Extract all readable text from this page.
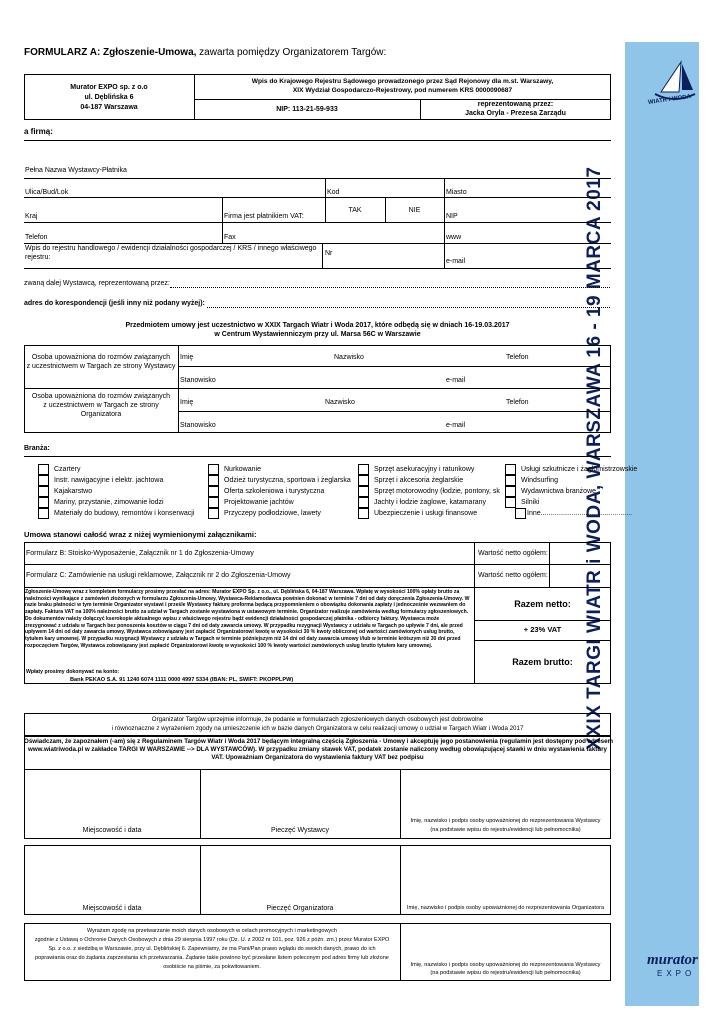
WIATR i WODA
XXIX TARGI WIATR i WODA, WARSZAWA 16 - 19 MARCA 2017
murator
EXPO
FORMULARZ A: Zgłoszenie-Umowa, zawarta pomiędzy Organizatorem Targów:
Murator EXPO sp. z o.o
ul. Dęblińska 6
04-187 Warszawa
Wpis do Krajowego Rejestru Sądowego prowadzonego przez Sąd Rejonowy dla m.st. Warszawy,
XIX Wydział Gospodarczo-Rejestrowy, pod numerem KRS 0000090687
NIP: 113-21-59-933
reprezentowaną przez:
Jacka Oryla - Prezesa Zarządu
a firmą:
Pełna Nazwa Wystawcy-Płatnika
Ulica/Bud/Lok	Kod	Miasto
Kraj	Firma jest płatnikiem VAT:
TAK	NIE
NIP
Telefon	Fax	www
Wpis do rejestru handlowego / ewidencji działalności gospodarczej / KRS / innego właściwego
rejestru:
Nr
e-mail
zwaną dalej Wystawcą, reprezentowaną przez:
adres do korespondencji (jeśli inny niż podany wyżej):
Przedmiotem umowy jest uczestnictwo w XXIX Targach Wiatr i Woda 2017, które odbędą się w dniach 16-19.03.2017
w Centrum Wystawienniczym przy ul. Marsa 56C w Warszawie
Osoba upoważniona do rozmów związanych
z uczestnictwem w Targach ze strony Wystawcy
Imię	Nazwisko	Telefon
Stanowisko	e-mail
Osoba upoważniona do rozmów związanych
z uczestnictwem w Targach ze strony
Organizatora
Imię	Nazwisko	Telefon
Stanowisko	e-mail
Branża:
Czartery
Instr. nawigacyjne i elektr. jachtowa
Kajakarstwo
Mariny, przystanie, zimowanie łodzi
Materiały do budowy, remontów i konserwacji
Nurkowanie
Odzież turystyczna, sportowa i żeglarska
Oferta szkoleniowa i turystyczna
Projektowanie jachtów
Przyczepy podłodziowe, lawety
Sprzęt asekuracyjny i ratunkowy
Sprzęt i akcesoria żeglarskie
Sprzęt motorowodny (łodzie, pontony, sk
Jachty i łodzie żaglowe, katamarany
Ubezpieczenie i usługi finansowe
Usługi szkutnicze i żaglomistrzowskie
Windsurfing
Wydawnictwa branżowe
Silniki
Inne...............................................
Umowa stanowi całość wraz z niżej wymienionymi załącznikami:
Formularz B: Stoisko-Wyposażenie, Załącznik nr 1 do Zgłoszenia-Umowy
Formularz C: Zamówienie na usługi reklamowe, Załącznik nr 2 do Zgłoszenia-Umowy
Wartość netto ogółem:
Wartość netto ogółem:
Razem netto:
+ 23% VAT
Razem brutto:
Zgłoszenie-Umowę wraz z kompletem formularzy prosimy przesłać na adres: Murator EXPO Sp. z o.o., ul. Dęblińska 6, 04-187 Warszawa. Wpłatę w wysokości 100% opłaty brutto za należności wynikające z zamówień złożonych w formularzu Zgłoszenia-Umowy, Wystawca-Reklamodawca powinien dokonać w terminie 7 dni od daty doręczenia Zgłoszenia-Umowy. W razie braku płatności w tym terminie Organizator wystawi i prześle Wystawcy fakturę proforma będącą przypomnieniem o obowiązku dokonania zapłaty i jednocześnie wezwaniem do zapłaty. Faktura VAT na 100% należności brutto za udział w Targach zostanie wystawiona w ustawowym terminie. Organizator realizuje zamówienia według formularzy zgłoszeniowych. Do dokumentów należy dołączyć kserokopie aktualnego wpisu z właściwego rejestru bądź ewidencji działalności gospodarczej płatnika - odbiorcy faktury. Wystawca może zrezygnować z udziału w Targach bez ponoszenia kosztów w ciągu 7 dni od daty zawarcia umowy. W przypadku rezygnacji Wystawcy z udziału w Targach po upływie 7 dni, ale przed upływem 14 dni od daty zawarcia umowy, Wystawca zobowiązany jest zapłacić Organizatorowi kwotę w wysokości 30 % kwoty obliczonej od wartości zamówionych usług brutto, tytułem kary umownej. W przypadku rezygnacji Wystawcy z udziału w Targach w terminie późniejszym niż 14 dni od daty zawarcia umowy i/lub w terminie krótszym niż 30 dni przed rozpoczęciem Targów, Wystawca zobowiązany jest zapłacić Organizatorowi kwotę w wysokości 100 % kwoty wartości zamówionych usług brutto tytułem kary umownej.
Wpłaty prosimy dokonywać na konto:
Bank PEKAO S.A. 91 1240 6074 1111 0000 4997 5334 (IBAN: PL, SWIFT: PKOPPLPW)
Organizator Targów uprzejmie informuje, że podanie w formularzach zgłoszeniowych danych osobowych jest dobrowolne
i równoznaczne z wyrażeniem zgody na umieszczenie ich w bazie danych Organizatora w celu realizacji umowy o udział w Targach Wiatr i Woda 2017
Oświadczam, że zapoznałem (-am) się z Regulaminem Targów Wiatr i Woda 2017 będącym integralną częścią Zgłoszenia - Umowy i akceptuję jego postanowienia (regulamin jest dostępny pod adresem
www.wiatriwoda.pl w zakładce TARGI W WARSZAWIE --> DLA WYSTAWCÓW). W przypadku zmiany stawek VAT, podatek zostanie naliczony według obowiązującej stawki w dniu wystawienia faktury
VAT. Upoważniam Organizatora do wystawienia faktury VAT bez podpisu
Miejscowość i data	Pieczęć Wystawcy
Imię, nazwisko i podpis osoby upoważnionej do rezprezentowania Wystawcy
(na podstawie wpisu do rejestru/ewidencji lub pełnomocnika)
Miejscowość i data	Pieczęć Organizatora	Imię, nazwisko i podpis osoby upoważnionej do rezprezentowania Organizatora
Wyrażam zgodę na przetwarzanie moich danych osobowych w celach promocyjnych i marketingowych
zgodnie z Ustawą o Ochronie Danych Osobowych z dnia 29 sierpnia 1997 roku (Dz. U. z 2002 nr 101, poz. 926 z późn. zm.) przez Murator EXPO
Sp. z o.o. z siedzibą w Warszawie, przy ul. Dęblińskiej 6. Zapewniamy, że ma Pani/Pan prawo wglądu do swoich danych, prawo do ich
poprawiania oraz do żądania zaprzestania ich przetwarzania. Żądanie takie powinno być przesłane listem poleconym pod adres firmy lub złożone
osobiście na piśmie, za pokwitowaniem.	Imię, nazwisko i podpis osoby upoważnionej do rezprezentowania Wystawcy
(na podstawie wpisu do rejestru/ewidencji lub pełnomocnika)
